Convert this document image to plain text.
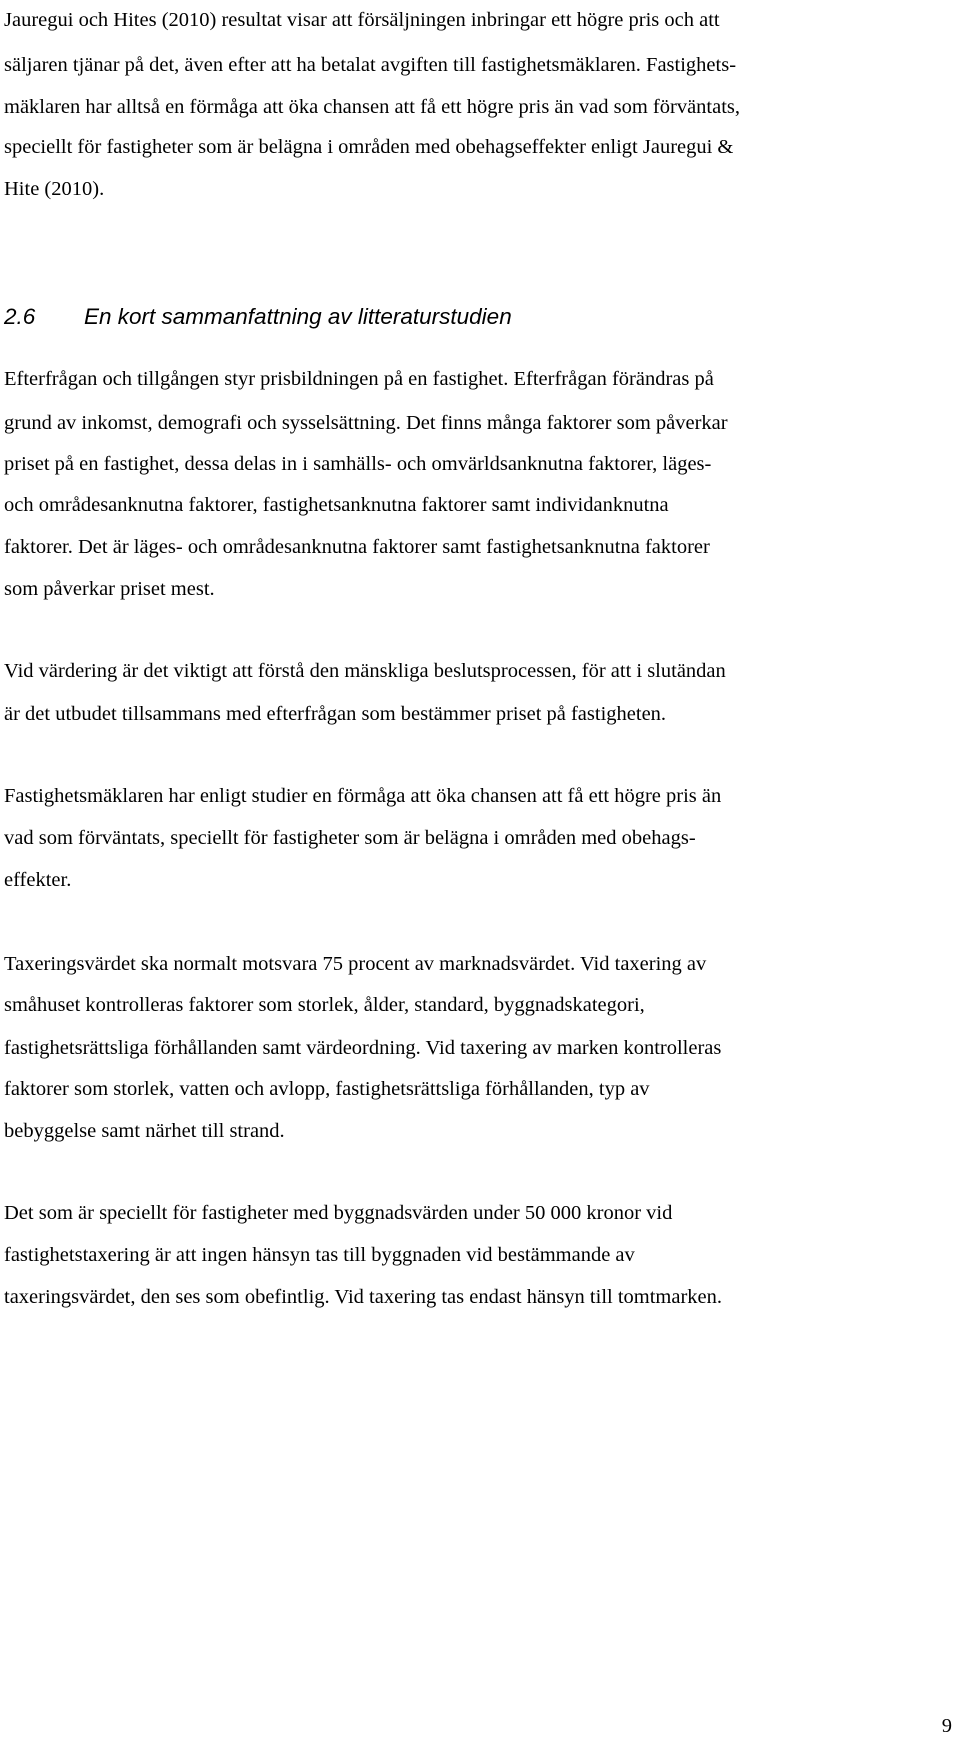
Jauregui och Hites (2010) resultat visar att försäljningen inbringar ett högre pris och att

säljaren tjänar på det, även efter att ha betalat avgiften till fastighetsmäklaren. Fastighets-

mäklaren har alltså en förmåga att öka chansen att få ett högre pris än vad som förväntats,

speciellt för fastigheter som är belägna i områden med obehagseffekter enligt Jauregui &

Hite (2010).

2.6 En kort sammanfattning av litteraturstudien

Efterfrågan och tillgången styr prisbildningen på en fastighet. Efterfrågan förändras på

grund av inkomst, demografi och sysselsättning. Det finns många faktorer som påverkar

priset på en fastighet, dessa delas in i samhälls- och omvärldsanknutna faktorer, läges-

och områdesanknutna faktorer, fastighetsanknutna faktorer samt individanknutna

faktorer. Det är läges- och områdesanknutna faktorer samt fastighetsanknutna faktorer

som påverkar priset mest.

Vid värdering är det viktigt att förstå den mänskliga beslutsprocessen, för att i slutändan

är det utbudet tillsammans med efterfrågan som bestämmer priset på fastigheten.

Fastighetsmäklaren har enligt studier en förmåga att öka chansen att få ett högre pris än

vad som förväntats, speciellt för fastigheter som är belägna i områden med obehags-

effekter.

Taxeringsvärdet ska normalt motsvara 75 procent av marknadsvärdet. Vid taxering av

småhuset kontrolleras faktorer som storlek, ålder, standard, byggnadskategori,

fastighetsrättsliga förhållanden samt värdeordning. Vid taxering av marken kontrolleras

faktorer som storlek, vatten och avlopp, fastighetsrättsliga förhållanden, typ av

bebyggelse samt närhet till strand.

Det som är speciellt för fastigheter med byggnadsvärden under 50 000 kronor vid

fastighetstaxering är att ingen hänsyn tas till byggnaden vid bestämmande av

taxeringsvärdet, den ses som obefintlig. Vid taxering tas endast hänsyn till tomtmarken.

9
